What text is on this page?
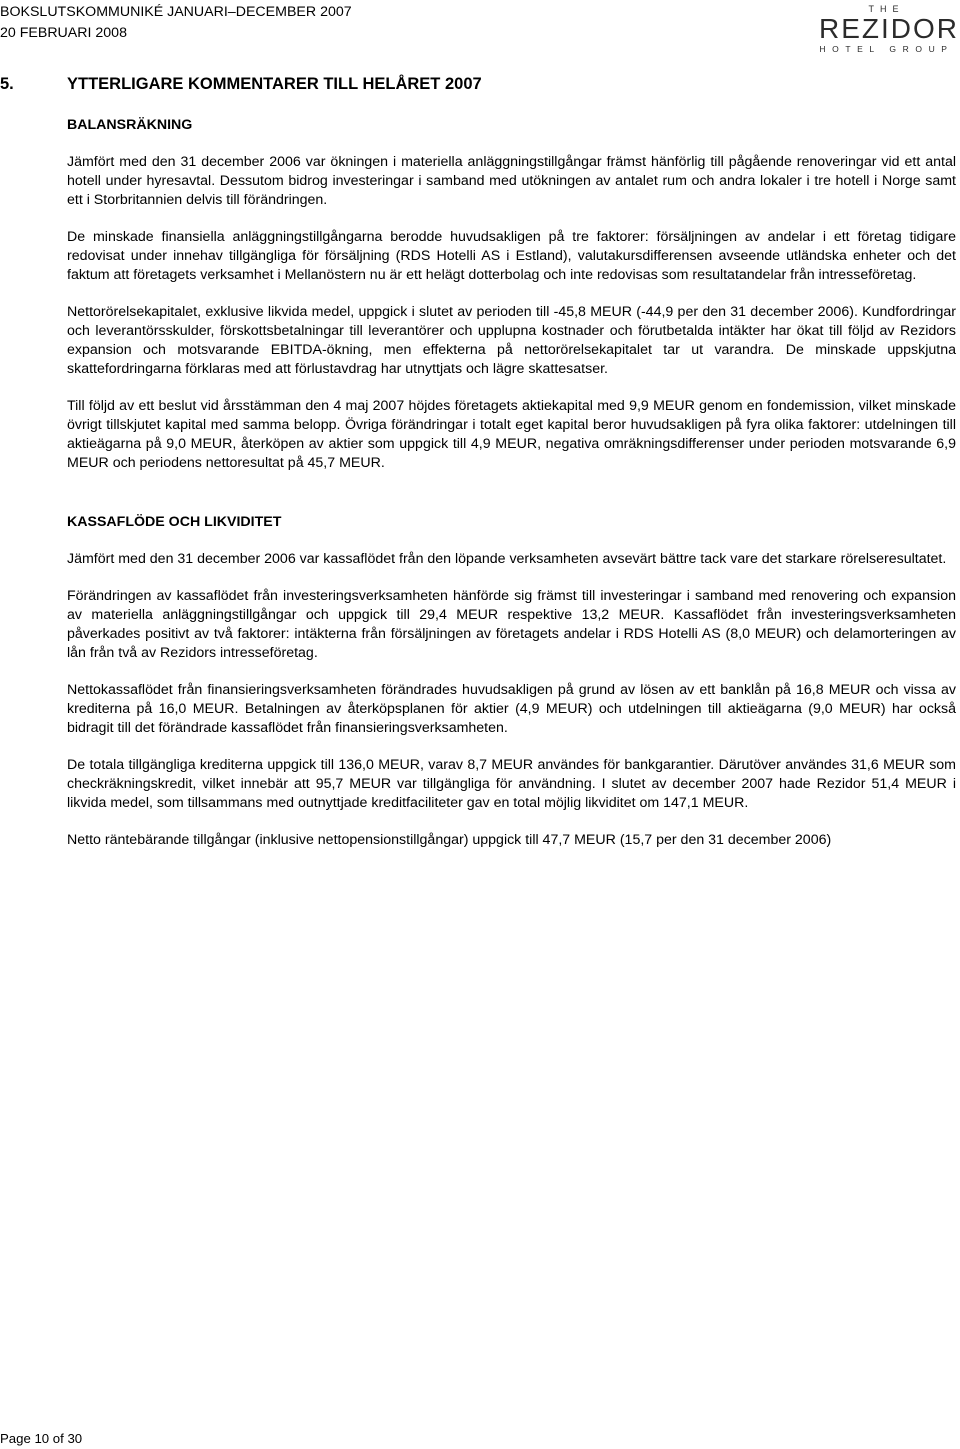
BOKSLUTSKOMMUNIKÉ JANUARI–DECEMBER 2007
20 FEBRUARI 2008
THE
REZIDOR
HOTEL GROUP
5.	YTTERLIGARE KOMMENTARER TILL HELÅRET 2007
BALANSRÄKNING

Jämfört med den 31 december 2006 var ökningen i materiella anläggningstillgångar främst hänförlig till pågående renoveringar vid ett antal hotell under hyresavtal. Dessutom bidrog investeringar i samband med utökningen av antalet rum och andra lokaler i tre hotell i Norge samt ett i Storbritannien delvis till förändringen.

De minskade finansiella anläggningstillgångarna berodde huvudsakligen på tre faktorer: försäljningen av andelar i ett företag tidigare redovisat under innehav tillgängliga för försäljning (RDS Hotelli AS i Estland), valutakursdifferensen avseende utländska enheter och det faktum att företagets verksamhet i Mellanöstern nu är ett helägt dotterbolag och inte redovisas som resultatandelar från intresseföretag.

Nettorörelsekapitalet, exklusive likvida medel, uppgick i slutet av perioden till -45,8 MEUR (-44,9 per den 31 december 2006). Kundfordringar och leverantörsskulder, förskottsbetalningar till leverantörer och upplupna kostnader och förutbetalda intäkter har ökat till följd av Rezidors expansion och motsvarande EBITDA-ökning, men effekterna på nettorörelsekapitalet tar ut varandra. De minskade uppskjutna skattefordringarna förklaras med att förlustavdrag har utnyttjats och lägre skattesatser.

Till följd av ett beslut vid årsstämman den 4 maj 2007 höjdes företagets aktiekapital med 9,9 MEUR genom en fondemission, vilket minskade övrigt tillskjutet kapital med samma belopp. Övriga förändringar i totalt eget kapital beror huvudsakligen på fyra olika faktorer: utdelningen till aktieägarna på 9,0 MEUR, återköpen av aktier som uppgick till 4,9 MEUR, negativa omräkningsdifferenser under perioden motsvarande 6,9 MEUR och periodens nettoresultat på 45,7 MEUR.

KASSAFLÖDE OCH LIKVIDITET

Jämfört med den 31 december 2006 var kassaflödet från den löpande verksamheten avsevärt bättre tack vare det starkare rörelseresultatet.

Förändringen av kassaflödet från investeringsverksamheten hänförde sig främst till investeringar i samband med renovering och expansion av materiella anläggningstillgångar och uppgick till 29,4 MEUR respektive 13,2 MEUR. Kassaflödet från investeringsverksamheten påverkades positivt av två faktorer: intäkterna från försäljningen av företagets andelar i RDS Hotelli AS (8,0 MEUR) och delamorteringen av lån från två av Rezidors intresseföretag.

Nettokassaflödet från finansieringsverksamheten förändrades huvudsakligen på grund av lösen av ett banklån på 16,8 MEUR och vissa av krediterna på 16,0 MEUR. Betalningen av återköpsplanen för aktier (4,9 MEUR) och utdelningen till aktieägarna (9,0 MEUR) har också bidragit till det förändrade kassaflödet från finansieringsverksamheten.

De totala tillgängliga krediterna uppgick till 136,0 MEUR, varav 8,7 MEUR användes för bankgarantier. Därutöver användes 31,6 MEUR som checkräkningskredit, vilket innebär att 95,7 MEUR var tillgängliga för användning. I slutet av december 2007 hade Rezidor 51,4 MEUR i likvida medel, som tillsammans med outnyttjade kreditfaciliteter gav en total möjlig likviditet om 147,1 MEUR.

Netto räntebärande tillgångar (inklusive nettopensionstillgångar) uppgick till 47,7 MEUR (15,7 per den 31 december 2006)

Page 10 of 30
